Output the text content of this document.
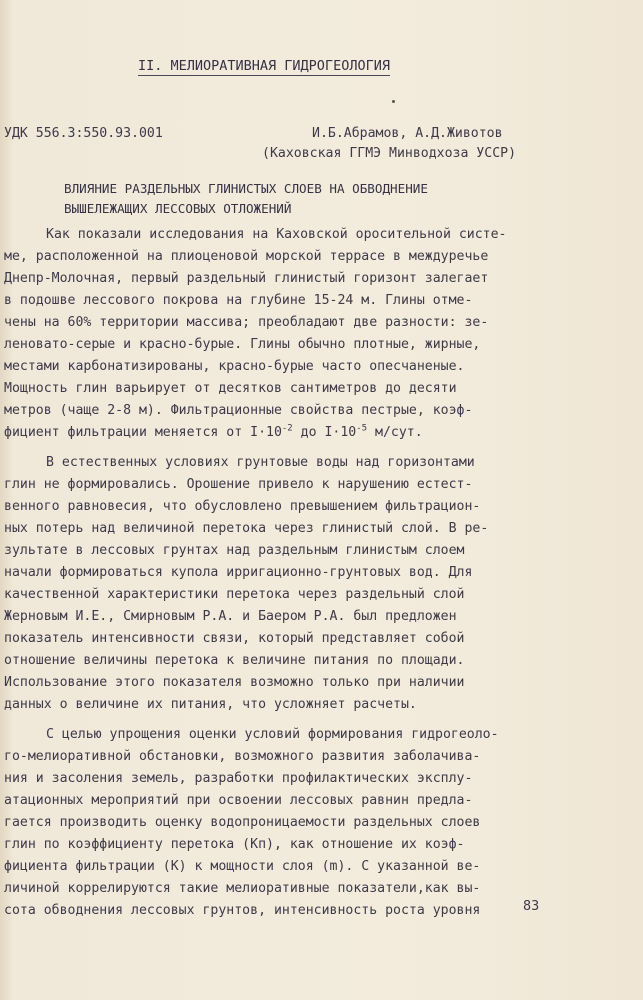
II. МЕЛИОРАТИВНАЯ ГИДРОГЕОЛОГИЯ
УДК 556.3:550.93.001	И.Б.Абрамов, А.Д.Животов
(Каховская ГГМЭ Минводхоза УССР)
ВЛИЯНИЕ РАЗДЕЛЬНЫХ ГЛИНИСТЫХ СЛОЕВ НА ОБВОДНЕНИЕ
ВЫШЕЛЕЖАЩИХ ЛЕССОВЫХ ОТЛОЖЕНИЙ
Как показали исследования на Каховской оросительной систе-
ме, расположенной на плиоценовой морской террасе в междуречье
Днепр-Молочная, первый раздельный глинистый горизонт залегает
в подошве лессового покрова на глубине 15-24 м. Глины отме-
чены на 60% территории массива; преобладают две разности: зе-
леновато-серые и красно-бурые. Глины обычно плотные, жирные,
местами карбонатизированы, красно-бурые часто опесчаненые.
Мощность глин варьирует от десятков сантиметров до десяти
метров (чаще 2-8 м). Фильтрационные свойства пестрые, коэф-
фициент фильтрации меняется от $I\cdot 10^{-2}$ до $I\cdot 10^{-5}$ м/сут.
В естественных условиях грунтовые воды над горизонтами
глин не формировались. Орошение привело к нарушению естест-
венного равновесия, что обусловлено превышением фильтрацион-
ных потерь над величиной перетока через глинистый слой. В ре-
зультате в лессовых грунтах над раздельным глинистым слоем
начали формироваться купола ирригационно-грунтовых вод. Для
качественной характеристики перетока через раздельный слой
Жерновым И.Е., Смирновым Р.А. и Баером Р.А. был предложен
показатель интенсивности связи, который представляет собой
отношение величины перетока к величине питания по площади.
Использование этого показателя возможно только при наличии
данных о величине их питания, что усложняет расчеты.
С целью упрощения оценки условий формирования гидрогеоло-
го-мелиоративной обстановки, возможного развития заболачива-
ния и засоления земель, разработки профилактических эксплу-
атационных мероприятий при освоении лессовых равнин предла-
гается производить оценку водопроницаемости раздельных слоев
глин по коэффициенту перетока (Кп), как отношение их коэф-
фициента фильтрации (К) к мощности слоя (m). С указанной ве-
личиной коррелируются такие мелиоративные показатели,как вы-
сота обводнения лессовых грунтов, интенсивность роста уровня	83
